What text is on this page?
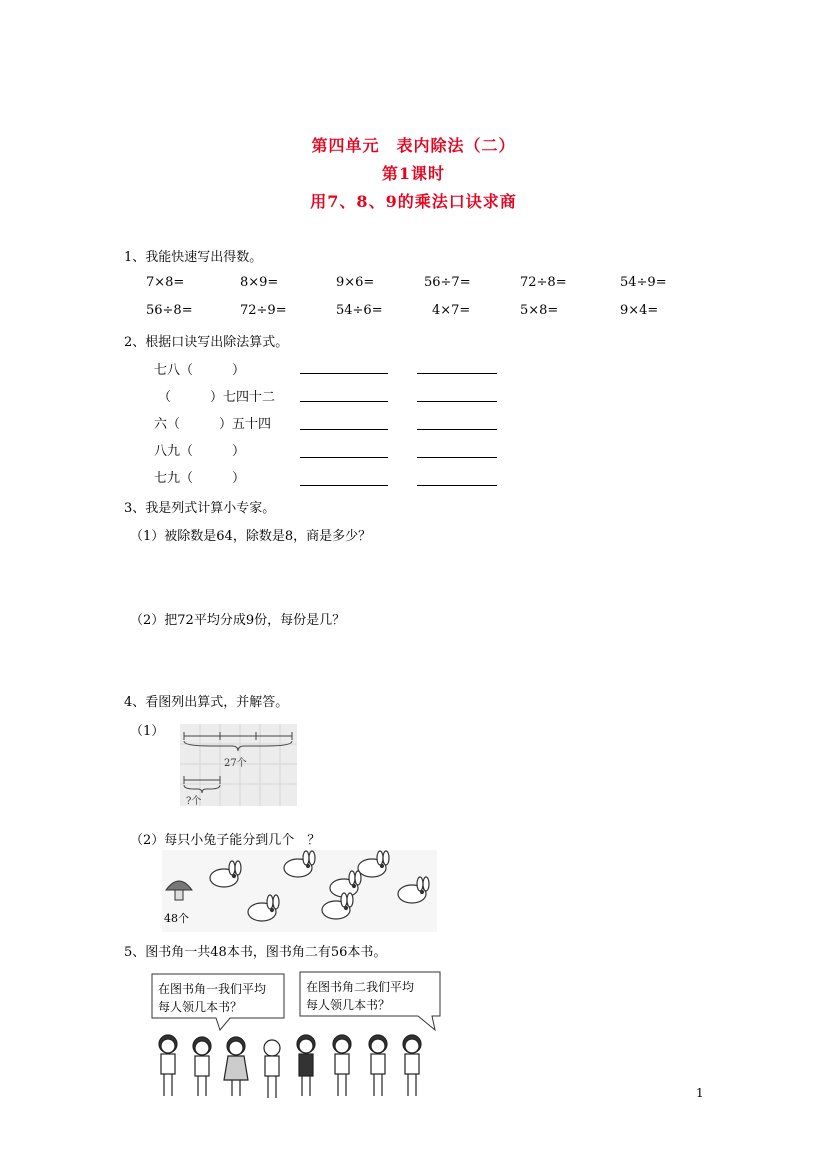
第四单元　表内除法（二）
第1课时
用7、8、9的乘法口诀求商
1、我能快速写出得数。
7×8=	8×9=	9×6=	56÷7=	72÷8=	54÷9=
56÷8=	72÷9=	54÷6=	4×7=	5×8=	9×4=
2、根据口诀写出除法算式。
七八（　　　）
（　　　）七四十二
六（　　　）五十四
八九（　　　）
七九（　　　）
3、我是列式计算小专家。
（1）被除数是64，除数是8，商是多少？
（2）把72平均分成9份，每份是几？
4、看图列出算式，并解答。
（1）
27个
?个
（2）每只小兔子能分到几个　？
48个
5、图书角一共48本书，图书角二有56本书。
在图书角一我们平均
每人领几本书？
在图书角二我们平均
每人领几本书？
1
